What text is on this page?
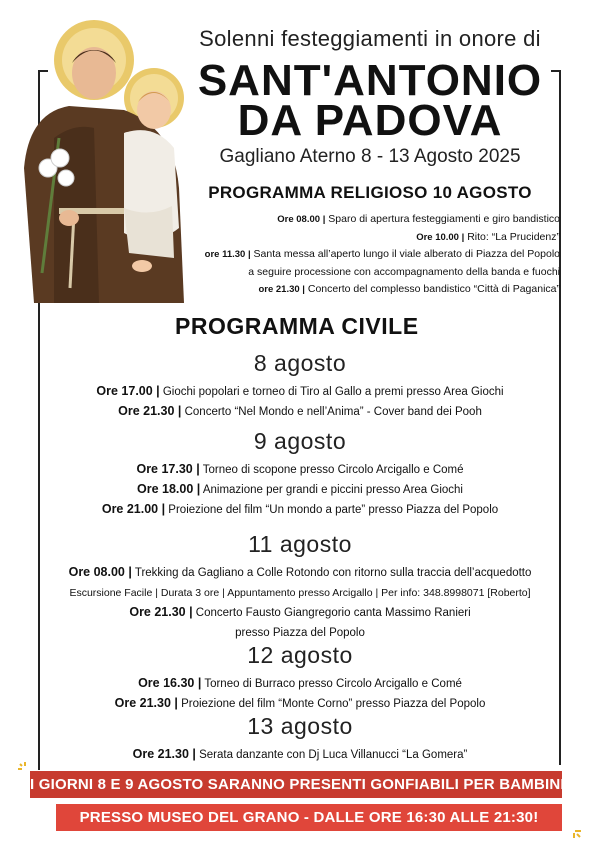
Solenni festeggiamenti in onore di
SANT'ANTONIO
DA PADOVA
Gagliano Aterno 8 - 13 Agosto 2025
PROGRAMMA RELIGIOSO 10 AGOSTO
Ore 08.00 | Sparo di apertura festeggiamenti e giro bandistico
Ore 10.00 | Rito: “La Prucidenz”
ore 11.30 | Santa messa all’aperto lungo il viale alberato di Piazza del Popolo
a seguire processione con accompagnamento della banda e fuochi
ore 21.30 | Concerto del complesso bandistico “Città di Paganica”
PROGRAMMA CIVILE
8 agosto
Ore 17.00 | Giochi popolari e torneo di Tiro al Gallo a premi presso Area Giochi
Ore 21.30 | Concerto “Nel Mondo e nell’Anima” - Cover band dei Pooh
9 agosto
Ore 17.30 | Torneo di scopone presso Circolo Arcigallo e Comé
Ore 18.00 | Animazione per grandi e piccini presso Area Giochi
Ore 21.00 | Proiezione del film “Un mondo a parte” presso Piazza del Popolo
11 agosto
Ore 08.00 | Trekking da Gagliano a Colle Rotondo con ritorno sulla traccia dell’acquedotto
Escursione Facile | Durata 3 ore | Appuntamento presso Arcigallo | Per info: 348.8998071 [Roberto]
Ore 21.30 | Concerto Fausto Giangregorio canta Massimo Ranieri
presso Piazza del Popolo
12 agosto
Ore 16.30 | Torneo di Burraco presso Circolo Arcigallo e Comé
Ore 21.30 | Proiezione del film “Monte Corno” presso Piazza del Popolo
13 agosto
Ore 21.30 | Serata danzante con Dj Luca Villanucci “La Gomera”
I GIORNI 8 E 9 AGOSTO SARANNO PRESENTI GONFIABILI PER BAMBINI
PRESSO MUSEO DEL GRANO - DALLE ORE 16:30 ALLE 21:30!
